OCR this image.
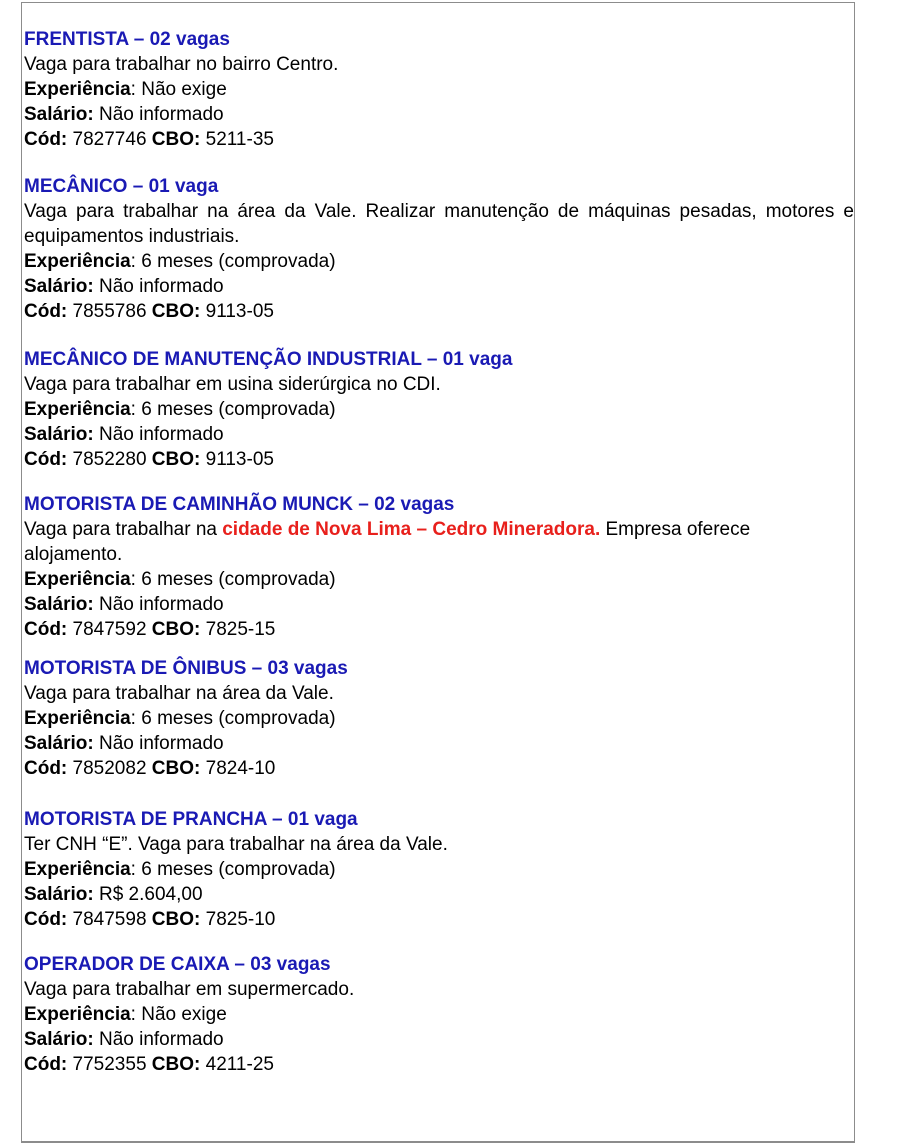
FRENTISTA – 02 vagas
Vaga para trabalhar no bairro Centro.
Experiência: Não exige
Salário: Não informado
Cód: 7827746 CBO: 5211-35
MECÂNICO – 01 vaga
Vaga para trabalhar na área da Vale. Realizar manutenção de máquinas pesadas, motores e equipamentos industriais.
Experiência: 6 meses (comprovada)
Salário: Não informado
Cód: 7855786 CBO: 9113-05
MECÂNICO DE MANUTENÇÃO INDUSTRIAL – 01 vaga
Vaga para trabalhar em usina siderúrgica no CDI.
Experiência: 6 meses (comprovada)
Salário: Não informado
Cód: 7852280 CBO: 9113-05
MOTORISTA DE CAMINHÃO MUNCK – 02 vagas
Vaga para trabalhar na cidade de Nova Lima – Cedro Mineradora. Empresa oferece alojamento.
Experiência: 6 meses (comprovada)
Salário: Não informado
Cód: 7847592 CBO: 7825-15
MOTORISTA DE ÔNIBUS – 03 vagas
Vaga para trabalhar na área da Vale.
Experiência: 6 meses (comprovada)
Salário: Não informado
Cód: 7852082 CBO: 7824-10
MOTORISTA DE PRANCHA – 01 vaga
Ter CNH “E”. Vaga para trabalhar na área da Vale.
Experiência: 6 meses (comprovada)
Salário: R$ 2.604,00
Cód: 7847598 CBO: 7825-10
OPERADOR DE CAIXA – 03 vagas
Vaga para trabalhar em supermercado.
Experiência: Não exige
Salário: Não informado
Cód: 7752355 CBO: 4211-25
